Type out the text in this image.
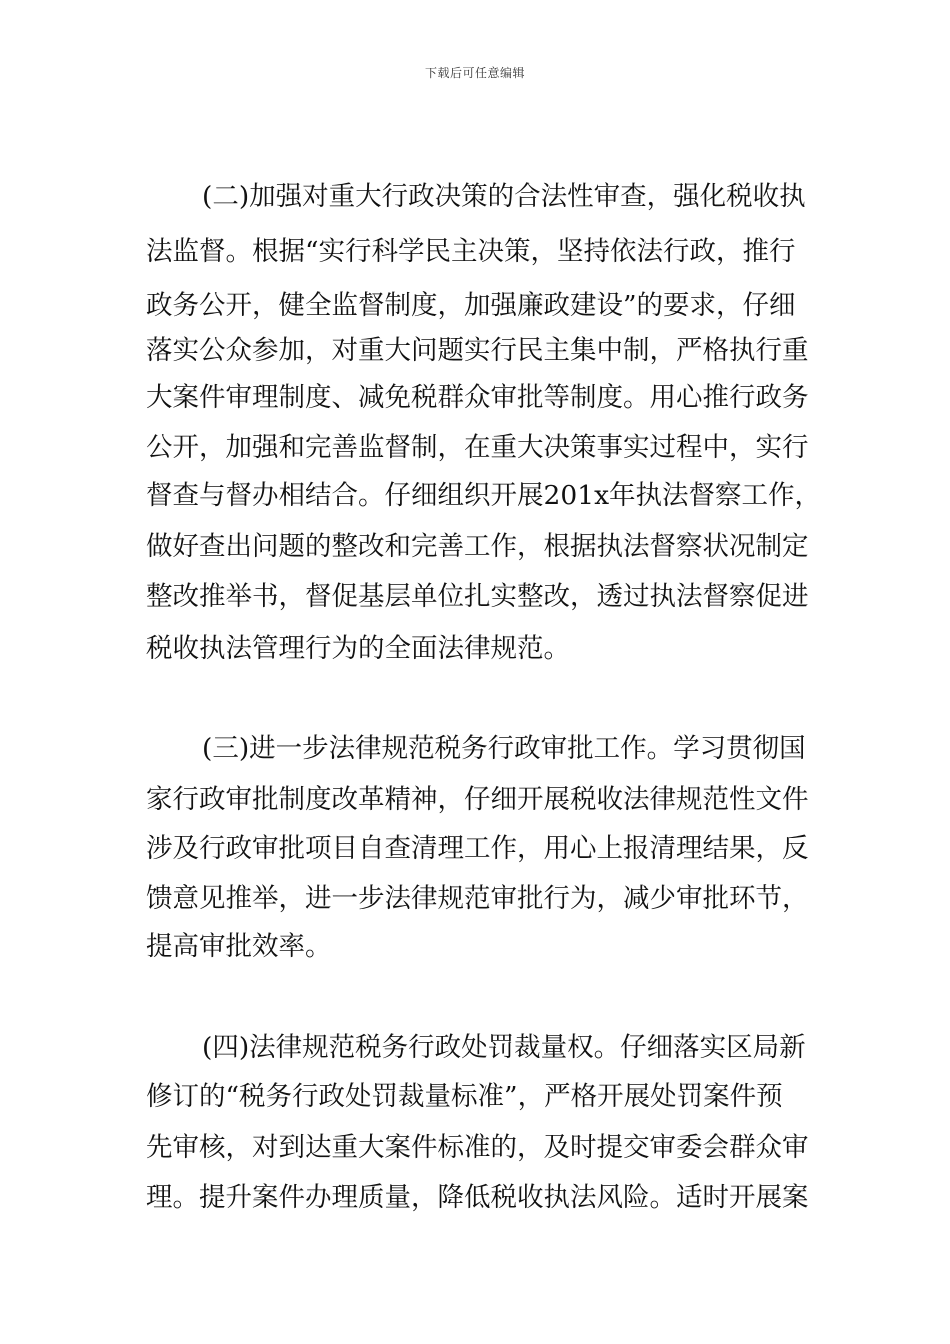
下载后可任意编辑
(二)加强对重大行政决策的合法性审查，强化税收执
法监督。根据“实行科学民主决策，坚持依法行政，推行
政务公开，健全监督制度，加强廉政建设”的要求，仔细
落实公众参加，对重大问题实行民主集中制，严格执行重
大案件审理制度、减免税群众审批等制度。用心推行政务
公开，加强和完善监督制，在重大决策事实过程中，实行
督查与督办相结合。仔细组织开展201x年执法督察工作，
做好查出问题的整改和完善工作，根据执法督察状况制定
整改推举书，督促基层单位扎实整改，透过执法督察促进
税收执法管理行为的全面法律规范。
(三)进一步法律规范税务行政审批工作。学习贯彻国
家行政审批制度改革精神，仔细开展税收法律规范性文件
涉及行政审批项目自查清理工作，用心上报清理结果，反
馈意见推举，进一步法律规范审批行为，减少审批环节，
提高审批效率。
(四)法律规范税务行政处罚裁量权。仔细落实区局新
修订的“税务行政处罚裁量标准”，严格开展处罚案件预
先审核，对到达重大案件标准的，及时提交审委会群众审
理。提升案件办理质量，降低税收执法风险。适时开展案
